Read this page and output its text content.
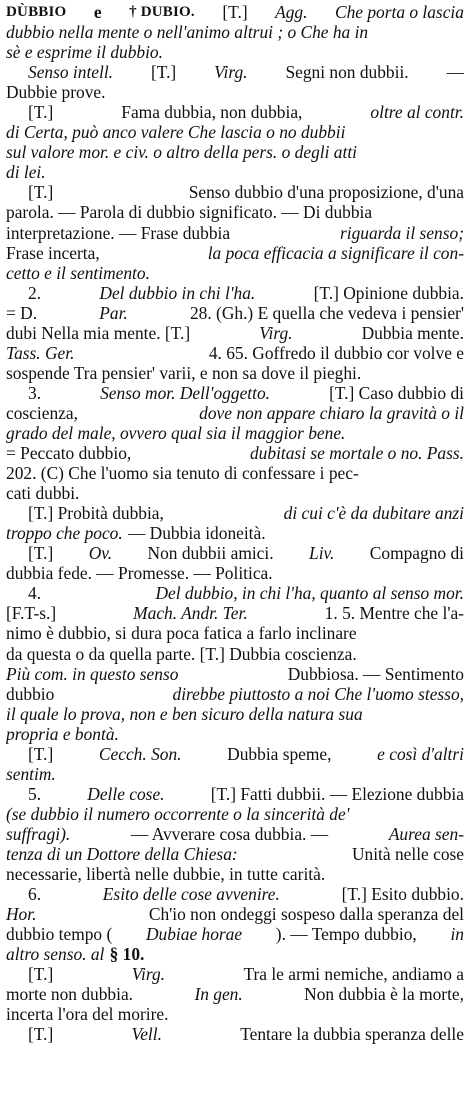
DÙBBIO e † DUBIO. [T.] Agg. Che porta o lascia
dubbio nella mente o nell'animo altrui ; o Che ha in
sè e esprime il dubbio.
Senso intell. [T.] Virg. Segni non dubbii. —
Dubbie prove.
[T.]	Fama dubbia, non dubbia,	oltre al contr.
di Certa, può anco valere Che lascia o no dubbii
sul valore mor. e civ. o altro della pers. o degli atti
di lei.
[T.]	Senso dubbio d'una proposizione, d'una
parola. — Parola di dubbio significato. — Di dubbia
interpretazione. — Frase dubbia	riguarda il senso;
Frase incerta,	la poca efficacia a significare il con-
cetto e il sentimento.
2.	Del dubbio in chi l'ha.	[T.] Opinione dubbia.
= D.	Par.	28. (Gh.) E quella che vedeva i pensier'
dubi Nella mia mente. [T.]	Virg.	Dubbia mente.
Tass. Ger.	4. 65. Goffredo il dubbio cor volve e
sospende Tra pensier' varii, e non sa dove il pieghi.
3.	Senso mor. Dell'oggetto.	[T.] Caso dubbio di
coscienza,	dove non appare chiaro la gravità o il
grado del male, ovvero qual sia il maggior bene.
= Peccato dubbio,	dubitasi se mortale o no. Pass.
202. (C) Che l'uomo sia tenuto di confessare i pec-
cati dubbi.
[T.] Probità dubbia,	di cui c'è da dubitare anzi
troppo che poco. — Dubbia idoneità.
[T.] Ov. Non dubbii amici. Liv. Compagno di
dubbia fede. — Promesse. — Politica.
4.	Del dubbio, in chi l'ha, quanto al senso mor.
[F.T-s.]	Mach. Andr. Ter.	1. 5. Mentre che l'a-
nimo è dubbio, si dura poca fatica a farlo inclinare
da questa o da quella parte. [T.] Dubbia coscienza.
Più com. in questo senso	Dubbiosa. — Sentimento
dubbio	direbbe piuttosto a noi Che l'uomo stesso,
il quale lo prova, non e ben sicuro della natura sua
propria e bontà.
[T.]	Cecch. Son.	Dubbia speme,	e così d'altri
sentim.
5.	Delle cose.	[T.] Fatti dubbii. — Elezione dubbia
(se dubbio il numero occorrente o la sincerità de'
suffragi).	— Avverare cosa dubbia. —	Aurea sen-
tenza di un Dottore della Chiesa:	Unità nelle cose
necessarie, libertà nelle dubbie, in tutte carità.
6.	Esito delle cose avvenire.	[T.] Esito dubbio.
Hor.	Ch'io non ondeggi sospeso dalla speranza del
dubbio tempo ( Dubiae horae ). — Tempo dubbio, in
altro senso. al § 10.
[T.]	Virg.	Tra le armi nemiche, andiamo a
morte non dubbia.	In gen.	Non dubbia è la morte,
incerta l'ora del morire.
[T.]	Vell.	Tentare la dubbia speranza delle
